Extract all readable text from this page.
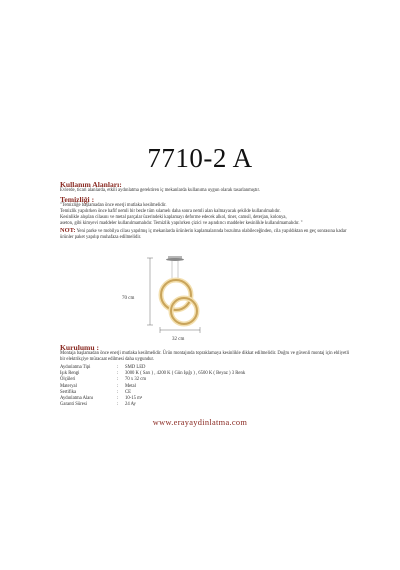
7710-2 A
Kullanım Alanları:
Evlerde, ticari alanlarda, etkili aydınlatma gerektiren iç mekanlarda kullanıma uygun olarak tasarlanmıştır.
Temizliği :
"Temizliğe başlamadan önce enerji mutlaka kesilmelidir.
Temizlik yapılırken önce hafif nemli bir bezle tüm sılamelı daha sonra nemli alan kalmayacak şekilde kullanılmalıdır.
Kesinlikle alışılan cilasını ve metal parçalar üzerindeki kaplamayı deforme edecek alkol, tiner, camsil, deterjan, kolonya,
aseton, gibi kimyevi maddeler kullanılmamalıdır. Temizlik yapılırken çizici ve aşındırıcı maddeler kesinlikle kullanılmamalıdır. "
NOT: Yeni parke ve mobilya cilası yapılmış iç mekanlarda ürünlerin kaplamalarında bozulma olabileceğinden, cila yapıldıktan en geç sonrasına kadar ürünler paket yapılıp muhafaza edilmelidir.
70 cm
32 cm
Kurulumu :
Montaja başlamadan önce enerji mutlaka kesilmelidir. Ürün montajında topraklamaya kesinlikle dikkat edilmelidir. Doğru ve güvenli montaj için ehliyetli bir elektrikçiye müracaat edilmesi daha uygundur.
Aydınlatma Tipi	:	SMD LED
Işık Rengi	:	3000 K ( Sarı ) , 4200 K ( Gün Işığı ) , 6500 K ( Beyaz ) 3 Renk
Ölçüleri	:	70 x 32 cm
Materyal	:	Metal
Sertifika	:	CE
Aydınlatma Alanı	:	10-15 m²
Garanti Süresi	:	24 Ay
www.erayaydinlatma.com
